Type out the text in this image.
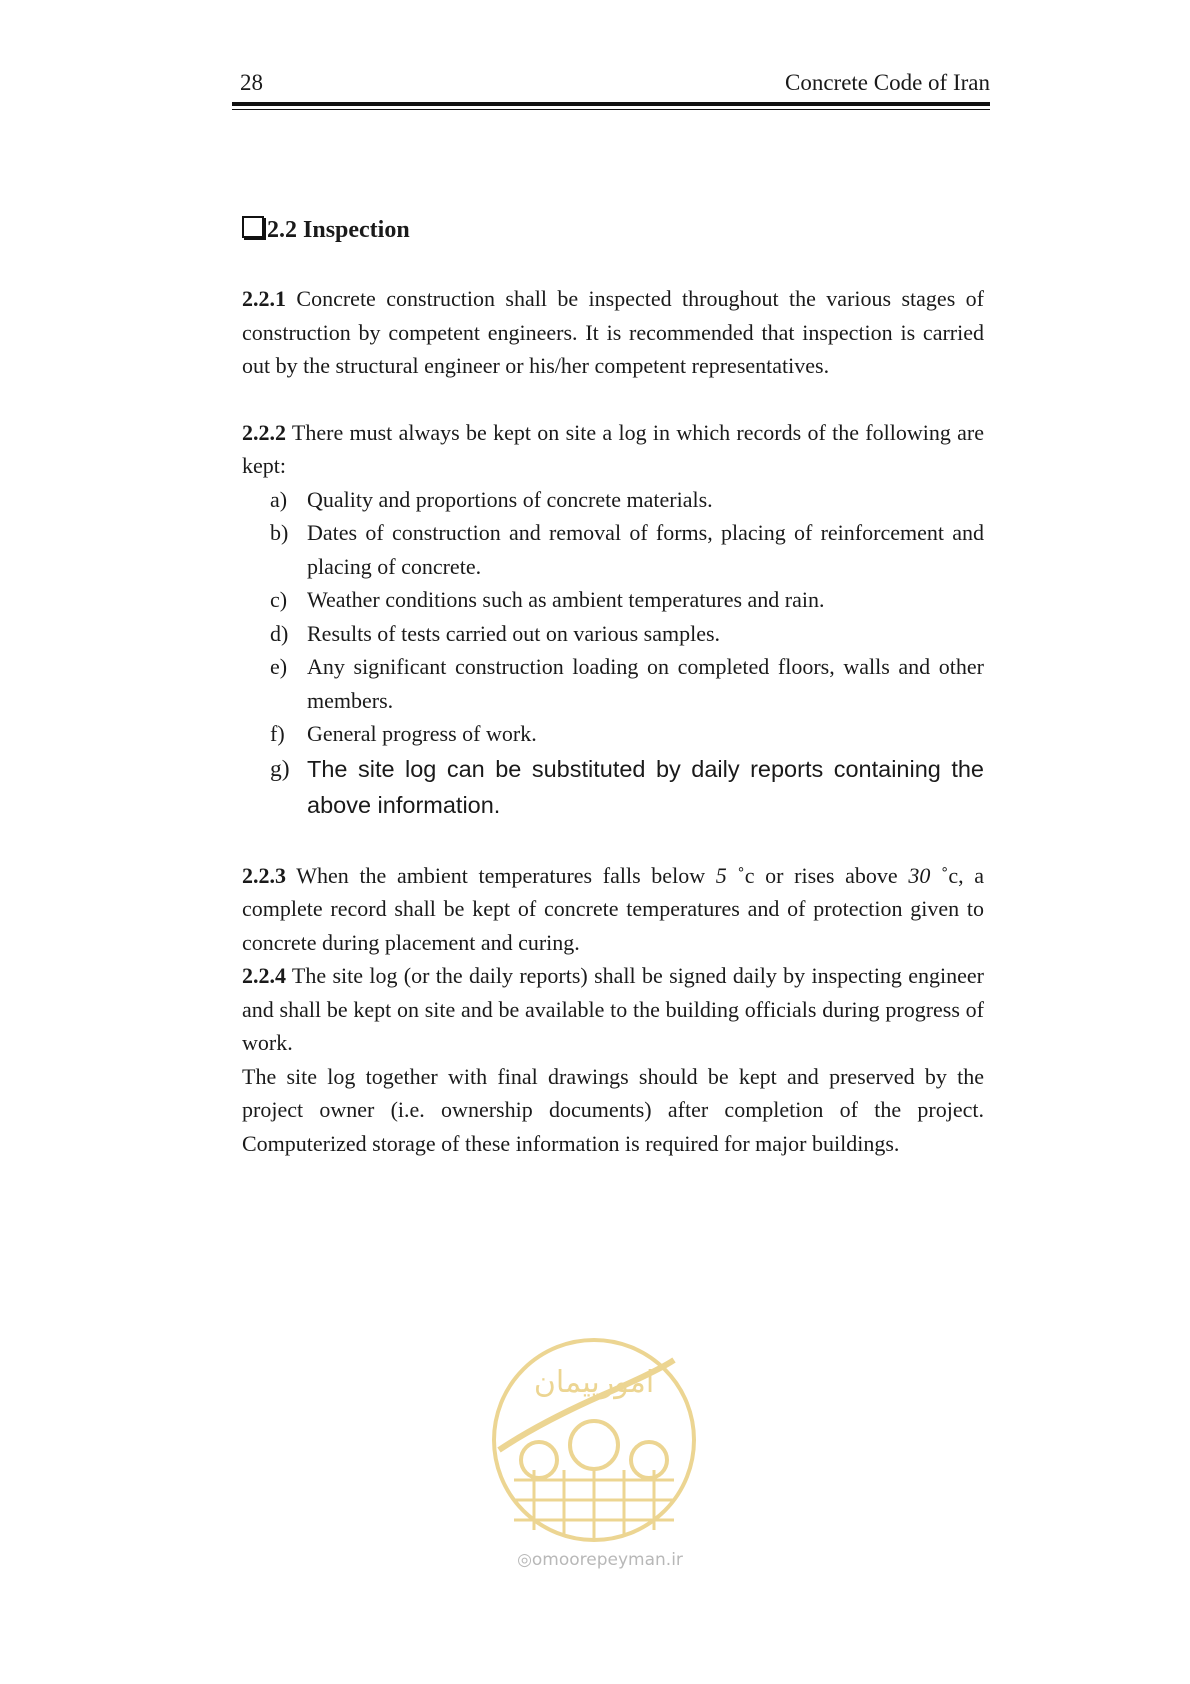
28	Concrete Code of Iran
2.2 Inspection

2.2.1 Concrete construction shall be inspected throughout the various stages of construction by competent engineers. It is recommended that inspection is carried out by the structural engineer or his/her competent representatives.

2.2.2 There must always be kept on site a log in which records of the following are kept:

a) Quality and proportions of concrete materials.
b) Dates of construction and removal of forms, placing of reinforcement and placing of concrete.
c) Weather conditions such as ambient temperatures and rain.
d) Results of tests carried out on various samples.
e) Any significant construction loading on completed floors, walls and other members.
f) General progress of work.
g) The site log can be substituted by daily reports containing the above information.

2.2.3 When the ambient temperatures falls below 5 ˚c or rises above 30 ˚c, a complete record shall be kept of concrete temperatures and of protection given to concrete during placement and curing.

2.2.4 The site log (or the daily reports) shall be signed daily by inspecting engineer and shall be kept on site and be available to the building officials during progress of work.

The site log together with final drawings should be kept and preserved by the project owner (i.e. ownership documents) after completion of the project. Computerized storage of these information is required for major buildings.

امورپیمان
◎omoorepeyman.ir
